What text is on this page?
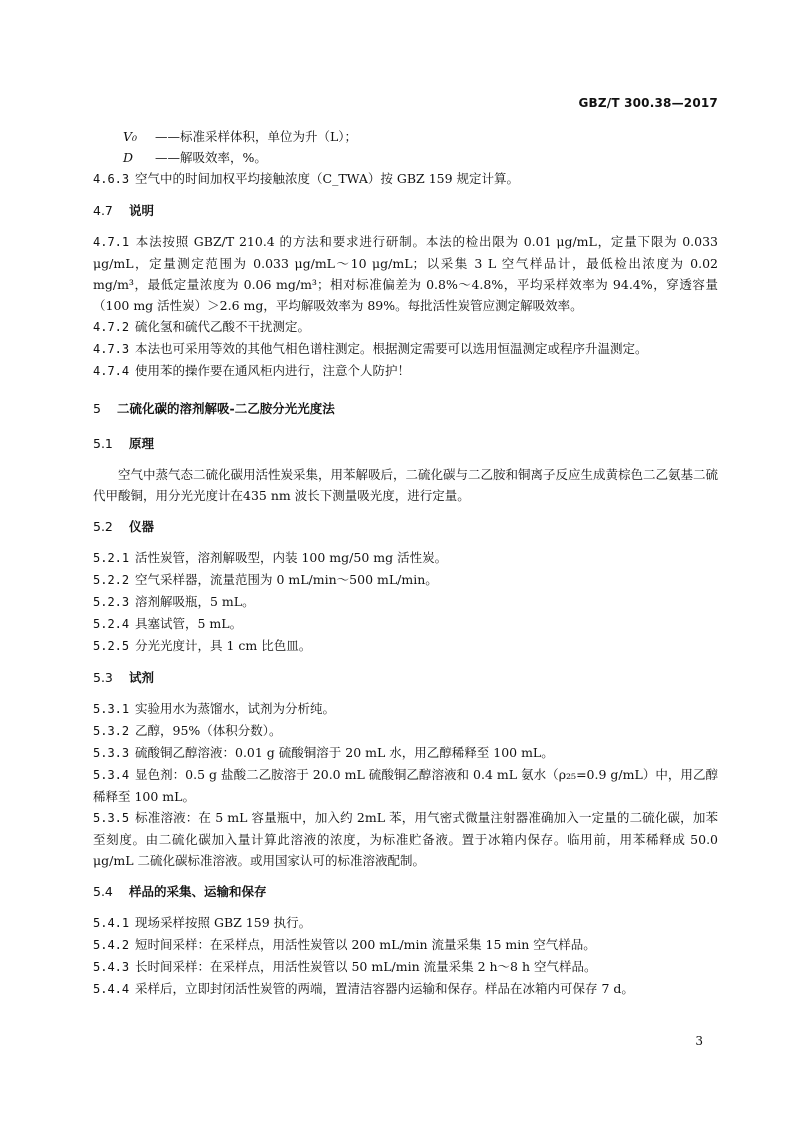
GBZ/T 300.38—2017
V₀ ——标准采样体积，单位为升（L）；
D ——解吸效率，%。
4.6.3 空气中的时间加权平均接触浓度（C_TWA）按 GBZ 159 规定计算。
4.7 说明
4.7.1 本法按照 GBZ/T 210.4 的方法和要求进行研制。本法的检出限为 0.01 μg/mL，定量下限为 0.033 μg/mL，定量测定范围为 0.033 μg/mL～10 μg/mL；以采集 3 L 空气样品计，最低检出浓度为 0.02 mg/m³，最低定量浓度为 0.06 mg/m³；相对标准偏差为 0.8%～4.8%，平均采样效率为 94.4%，穿透容量（100 mg 活性炭）＞2.6 mg，平均解吸效率为 89%。每批活性炭管应测定解吸效率。
4.7.2 硫化氢和硫代乙酸不干扰测定。
4.7.3 本法也可采用等效的其他气相色谱柱测定。根据测定需要可以选用恒温测定或程序升温测定。
4.7.4 使用苯的操作要在通风柜内进行，注意个人防护！
5 二硫化碳的溶剂解吸-二乙胺分光光度法
5.1 原理
空气中蒸气态二硫化碳用活性炭采集，用苯解吸后，二硫化碳与二乙胺和铜离子反应生成黄棕色二乙氨基二硫代甲酸铜，用分光光度计在435 nm 波长下测量吸光度，进行定量。
5.2 仪器
5.2.1 活性炭管，溶剂解吸型，内装 100 mg/50 mg 活性炭。
5.2.2 空气采样器，流量范围为 0 mL/min～500 mL/min。
5.2.3 溶剂解吸瓶，5 mL。
5.2.4 具塞试管，5 mL。
5.2.5 分光光度计，具 1 cm 比色皿。
5.3 试剂
5.3.1 实验用水为蒸馏水，试剂为分析纯。
5.3.2 乙醇，95%（体积分数）。
5.3.3 硫酸铜乙醇溶液：0.01 g 硫酸铜溶于 20 mL 水，用乙醇稀释至 100 mL。
5.3.4 显色剂：0.5 g 盐酸二乙胺溶于 20.0 mL 硫酸铜乙醇溶液和 0.4 mL 氨水（ρ₂₅=0.9 g/mL）中，用乙醇稀释至 100 mL。
5.3.5 标准溶液：在 5 mL 容量瓶中，加入约 2mL 苯，用气密式微量注射器准确加入一定量的二硫化碳，加苯至刻度。由二硫化碳加入量计算此溶液的浓度，为标准贮备液。置于冰箱内保存。临用前，用苯稀释成 50.0 μg/mL 二硫化碳标准溶液。或用国家认可的标准溶液配制。
5.4 样品的采集、运输和保存
5.4.1 现场采样按照 GBZ 159 执行。
5.4.2 短时间采样：在采样点，用活性炭管以 200 mL/min 流量采集 15 min 空气样品。
5.4.3 长时间采样：在采样点，用活性炭管以 50 mL/min 流量采集 2 h～8 h 空气样品。
5.4.4 采样后，立即封闭活性炭管的两端，置清洁容器内运输和保存。样品在冰箱内可保存 7 d。
3
